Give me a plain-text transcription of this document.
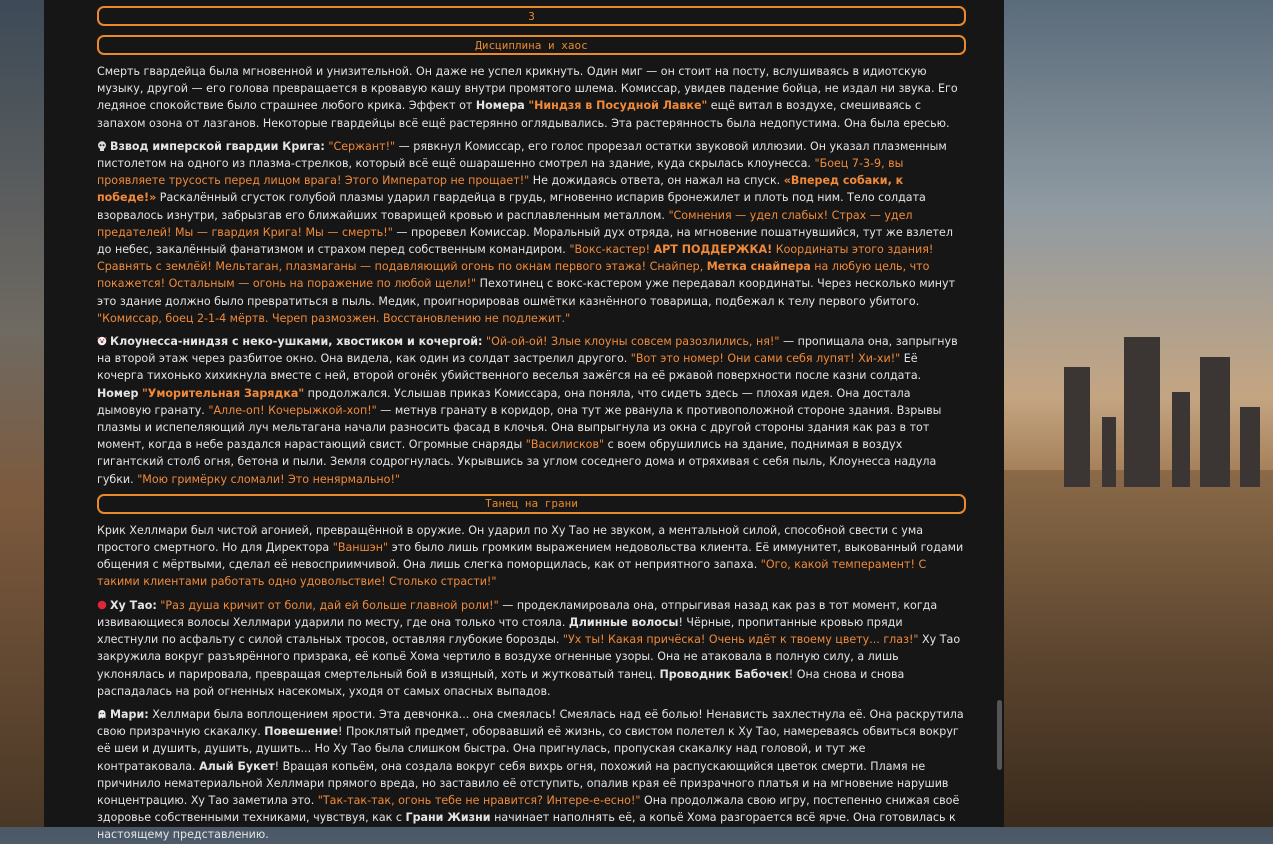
3
Дисциплина и хаос

Смерть гвардейца была мгновенной и унизительной. Он даже не успел крикнуть. Один миг — он стоит на посту, вслушиваясь в идиотскую музыку, другой — его голова превращается в кровавую кашу внутри промятого шлема. Комиссар, увидев падение бойца, не издал ни звука. Его ледяное спокойствие было страшнее любого крика. Эффект от Номера "Ниндзя в Посудной Лавке" ещё витал в воздухе, смешиваясь с запахом озона от лазганов. Некоторые гвардейцы всё ещё растерянно оглядывались. Эта растерянность была недопустима. Она была ересью.

Взвод имперской гвардии Крига: "Сержант!" — рявкнул Комиссар, его голос прорезал остатки звуковой иллюзии. Он указал плазменным пистолетом на одного из плазма-стрелков, который всё ещё ошарашенно смотрел на здание, куда скрылась клоунесса. "Боец 7-3-9, вы проявляете трусость перед лицом врага! Этого Император не прощает!" Не дожидаясь ответа, он нажал на спуск. «Вперед собаки, к победе!» Раскалённый сгусток голубой плазмы ударил гвардейца в грудь, мгновенно испарив бронежилет и плоть под ним. Тело солдата взорвалось изнутри, забрызгав его ближайших товарищей кровью и расплавленным металлом. "Сомнения — удел слабых! Страх — удел предателей! Мы — гвардия Крига! Мы — смерть!" — проревел Комиссар. Моральный дух отряда, на мгновение пошатнувшийся, тут же взлетел до небес, закалённый фанатизмом и страхом перед собственным командиром. "Вокс-кастер! АРТ ПОДДЕРЖКА! Координаты этого здания! Сравнять с землёй! Мельтаган, плазмаганы — подавляющий огонь по окнам первого этажа! Снайпер, Метка снайпера на любую цель, что покажется! Остальным — огонь на поражение по любой щели!" Пехотинец с вокс-кастером уже передавал координаты. Через несколько минут это здание должно было превратиться в пыль. Медик, проигнорировав ошмётки казнённого товарища, подбежал к телу первого убитого. "Комиссар, боец 2-1-4 мёртв. Череп размозжен. Восстановлению не подлежит."

Клоунесса-ниндзя с неко-ушками, хвостиком и кочергой: "Ой-ой-ой! Злые клоуны совсем разозлились, ня!" — пропищала она, запрыгнув на второй этаж через разбитое окно. Она видела, как один из солдат застрелил другого. "Вот это номер! Они сами себя лупят! Хи-хи!" Её кочерга тихонько хихикнула вместе с ней, второй огонёк убийственного веселья зажёгся на её ржавой поверхности после казни солдата. Номер "Уморительная Зарядка" продолжался. Услышав приказ Комиссара, она поняла, что сидеть здесь — плохая идея. Она достала дымовую гранату. "Алле-оп! Кочерыжкой-хоп!" — метнув гранату в коридор, она тут же рванула к противоположной стороне здания. Взрывы плазмы и испепеляющий луч мельтагана начали разносить фасад в клочья. Она выпрыгнула из окна с другой стороны здания как раз в тот момент, когда в небе раздался нарастающий свист. Огромные снаряды "Василисков" с воем обрушились на здание, поднимая в воздух гигантский столб огня, бетона и пыли. Земля содрогнулась. Укрывшись за углом соседнего дома и отряхивая с себя пыль, Клоунесса надула губки. "Мою гримёрку сломали! Это ненярмально!"

Танец на грани

Крик Хеллмари был чистой агонией, превращённой в оружие. Он ударил по Ху Тао не звуком, а ментальной силой, способной свести с ума простого смертного. Но для Директора "Ваншэн" это было лишь громким выражением недовольства клиента. Её иммунитет, выкованный годами общения с мёртвыми, сделал её невосприимчивой. Она лишь слегка поморщилась, как от неприятного запаха. "Ого, какой темперамент! С такими клиентами работать одно удовольствие! Столько страсти!"

Ху Тао: "Раз душа кричит от боли, дай ей больше главной роли!" — продекламировала она, отпрыгивая назад как раз в тот момент, когда извивающиеся волосы Хеллмари ударили по месту, где она только что стояла. Длинные волосы! Чёрные, пропитанные кровью пряди хлестнули по асфальту с силой стальных тросов, оставляя глубокие борозды. "Ух ты! Какая причёска! Очень идёт к твоему цвету... глаз!" Ху Тао закружила вокруг разъярённого призрака, её копьё Хома чертило в воздухе огненные узоры. Она не атаковала в полную силу, а лишь уклонялась и парировала, превращая смертельный бой в изящный, хоть и жутковатый танец. Проводник Бабочек! Она снова и снова распадалась на рой огненных насекомых, уходя от самых опасных выпадов.

Мари: Хеллмари была воплощением ярости. Эта девчонка... она смеялась! Смеялась над её болью! Ненависть захлестнула её. Она раскрутила свою призрачную скакалку. Повешение! Проклятый предмет, оборвавший её жизнь, со свистом полетел к Ху Тао, намереваясь обвиться вокруг её шеи и душить, душить, душить... Но Ху Тао была слишком быстра. Она пригнулась, пропуская скакалку над головой, и тут же контратаковала. Алый Букет! Вращая копьём, она создала вокруг себя вихрь огня, похожий на распускающийся цветок смерти. Пламя не причинило нематериальной Хеллмари прямого вреда, но заставило её отступить, опалив края её призрачного платья и на мгновение нарушив концентрацию. Ху Тао заметила это. "Так-так-так, огонь тебе не нравится? Интере-е-есно!" Она продолжала свою игру, постепенно снижая своё здоровье собственными техниками, чувствуя, как с Грани Жизни начинает наполнять её, а копьё Хома разгорается всё ярче. Она готовилась к настоящему представлению.
